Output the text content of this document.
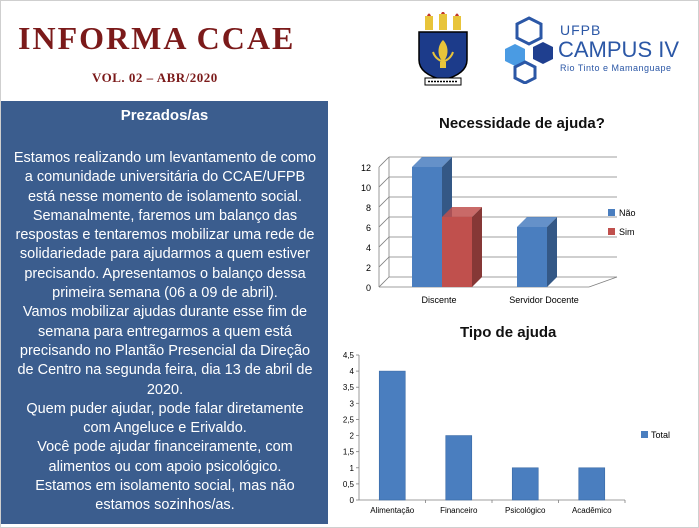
INFORMA CCAE
VOL. 02 – ABR/2020
UFPB
CAMPUS IV
Rio Tinto e Mamanguape
Prezados/as
Estamos realizando um levantamento de como
a comunidade universitária do CCAE/UFPB
está nesse momento de isolamento social.
Semanalmente, faremos um balanço das
respostas e tentaremos mobilizar uma rede de
solidariedade para ajudarmos a quem estiver
precisando. Apresentamos o balanço dessa
primeira semana (06 a 09 de abril).
Vamos mobilizar ajudas durante esse fim de
semana para entregarmos a quem está
precisando no Plantão Presencial da Direção
de Centro na segunda feira, dia 13 de abril de
2020.
Quem puder ajudar, pode falar diretamente
com Angeluce e Erivaldo.
Você pode ajudar financeiramente, com
alimentos ou com apoio psicológico.
Estamos em isolamento social, mas não
estamos sozinhos/as.
Necessidade de ajuda?
0
2
4
6
8
10
12
Discente	Servidor Docente
Não
Sim
Tipo de ajuda
0
0,5
1
1,5
2
2,5
3
3,5
4
4,5
Alimentação	Financeiro	Psicológico	Acadêmico
Total
